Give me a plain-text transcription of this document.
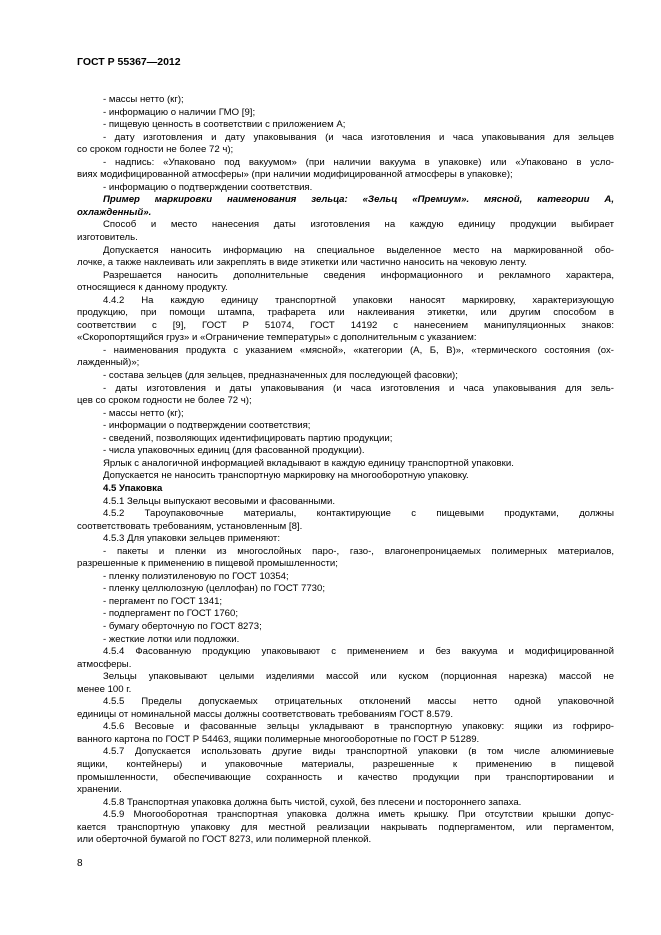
ГОСТ Р 55367—2012
- массы нетто (кг);
- информацию о наличии ГМО [9];
- пищевую ценность в соответствии с приложением А;
- дату изготовления и дату упаковывания (и часа изготовления и часа упаковывания для зельцев
со сроком годности не более 72 ч);
- надпись: «Упаковано под вакуумом» (при наличии вакуума в упаковке) или «Упаковано в усло-
виях модифицированной атмосферы» (при наличии модифицированной атмосферы в упаковке);
- информацию о подтверждении соответствия.
Пример маркировки наименования зельца: «Зельц «Премиум». мясной, категории А,
охлажденный».
Способ и место нанесения даты изготовления на каждую единицу продукции выбирает
изготовитель.
Допускается наносить информацию на специальное выделенное место на маркированной обо-
лочке, а также наклеивать или закреплять в виде этикетки или частично наносить на чековую ленту.
Разрешается наносить дополнительные сведения информационного и рекламного характера,
относящиеся к данному продукту.
4.4.2 На каждую единицу транспортной упаковки наносят маркировку, характеризующую
продукцию, при помощи штампа, трафарета или наклеивания этикетки, или другим способом в
соответствии с [9], ГОСТ Р 51074, ГОСТ 14192 с нанесением манипуляционных знаков:
«Скоропортящийся груз» и «Ограничение температуры» с дополнительным с указанием:
- наименования продукта с указанием «мясной», «категории (А, Б, В)», «термического состояния (ох-
лажденный)»;
- состава зельцев (для зельцев, предназначенных для последующей фасовки);
- даты изготовления и даты упаковывания (и часа изготовления и часа упаковывания для зель-
цев со сроком годности не более 72 ч);
- массы нетто (кг);
- информации о подтверждении соответствия;
- сведений, позволяющих идентифицировать партию продукции;
- числа упаковочных единиц (для фасованной продукции).
Ярлык с аналогичной информацией вкладывают в каждую единицу транспортной упаковки.
Допускается не наносить транспортную маркировку на многооборотную упаковку.
4.5 Упаковка
4.5.1 Зельцы выпускают весовыми и фасованными.
4.5.2 Тароупаковочные материалы, контактирующие с пищевыми продуктами, должны
соответствовать требованиям, установленным [8].
4.5.3 Для упаковки зельцев применяют:
- пакеты и пленки из многослойных паро-, газо-, влагонепроницаемых полимерных материалов,
разрешенные к применению в пищевой промышленности;
- пленку полиэтиленовую по ГОСТ 10354;
- пленку целлюлозную (целлофан) по ГОСТ 7730;
- пергамент по ГОСТ 1341;
- подпергамент по ГОСТ 1760;
- бумагу оберточную по ГОСТ 8273;
- жесткие лотки или подложки.
4.5.4 Фасованную продукцию упаковывают с применением и без вакуума и модифицированной
атмосферы.
Зельцы упаковывают целыми изделиями массой или куском (порционная нарезка) массой не
менее 100 г.
4.5.5 Пределы допускаемых отрицательных отклонений массы нетто одной упаковочной
единицы от номинальной массы должны соответствовать требованиям ГОСТ 8.579.
4.5.6 Весовые и фасованные зельцы укладывают в транспортную упаковку: ящики из гофриро-
ванного картона по ГОСТ Р 54463, ящики полимерные многооборотные по ГОСТ Р 51289.
4.5.7 Допускается использовать другие виды транспортной упаковки (в том числе алюминиевые
ящики, контейнеры) и упаковочные материалы, разрешенные к применению в пищевой
промышленности, обеспечивающие сохранность и качество продукции при транспортировании и
хранении.
4.5.8 Транспортная упаковка должна быть чистой, сухой, без плесени и постороннего запаха.
4.5.9 Многооборотная транспортная упаковка должна иметь крышку. При отсутствии крышки допус-
кается транспортную упаковку для местной реализации накрывать подпергаментом, или пергаментом,
или оберточной бумагой по ГОСТ 8273, или полимерной пленкой.
8
